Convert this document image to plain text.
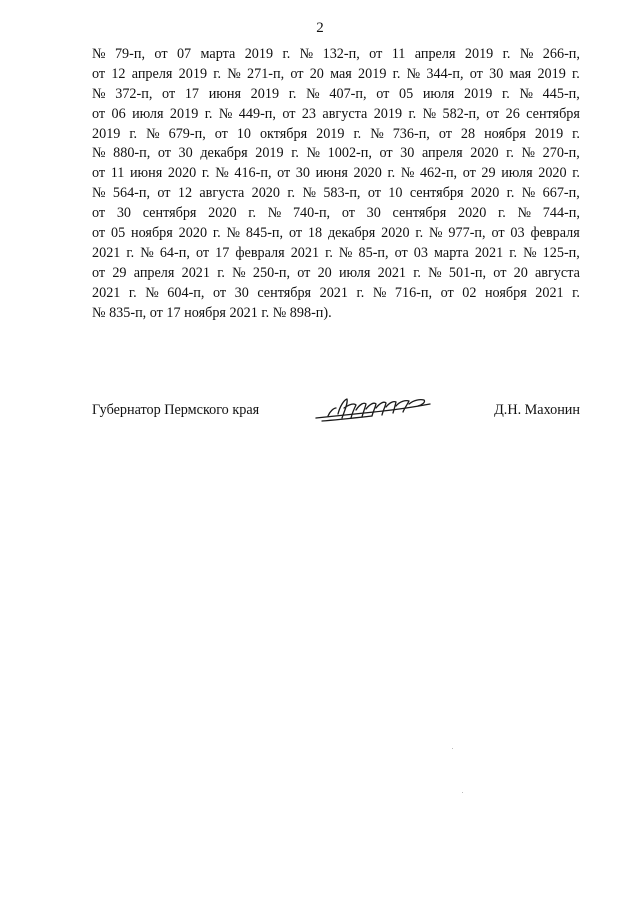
2
№ 79-п, от 07 марта 2019 г. № 132-п, от 11 апреля 2019 г. № 266-п,
от 12 апреля 2019 г. № 271-п, от 20 мая 2019 г. № 344-п, от 30 мая 2019 г.
№ 372-п, от 17 июня 2019 г. № 407-п, от 05 июля 2019 г. № 445-п,
от 06 июля 2019 г. № 449-п, от 23 августа 2019 г. № 582-п, от 26 сентября
2019 г. № 679-п, от 10 октября 2019 г. № 736-п, от 28 ноября 2019 г.
№ 880-п, от 30 декабря 2019 г. № 1002-п, от 30 апреля 2020 г. № 270-п,
от 11 июня 2020 г. № 416-п, от 30 июня 2020 г. № 462-п, от 29 июля 2020 г.
№ 564-п, от 12 августа 2020 г. № 583-п, от 10 сентября 2020 г. № 667-п,
от 30 сентября 2020 г. № 740-п, от 30 сентября 2020 г. № 744-п,
от 05 ноября 2020 г. № 845-п, от 18 декабря 2020 г. № 977-п, от 03 февраля
2021 г. № 64-п, от 17 февраля 2021 г. № 85-п, от 03 марта 2021 г. № 125-п,
от 29 апреля 2021 г. № 250-п, от 20 июля 2021 г. № 501-п, от 20 августа
2021 г. № 604-п, от 30 сентября 2021 г. № 716-п, от 02 ноября 2021 г.
№ 835-п, от 17 ноября 2021 г. № 898-п).
Губернатор Пермского края	Д.Н. Махонин
